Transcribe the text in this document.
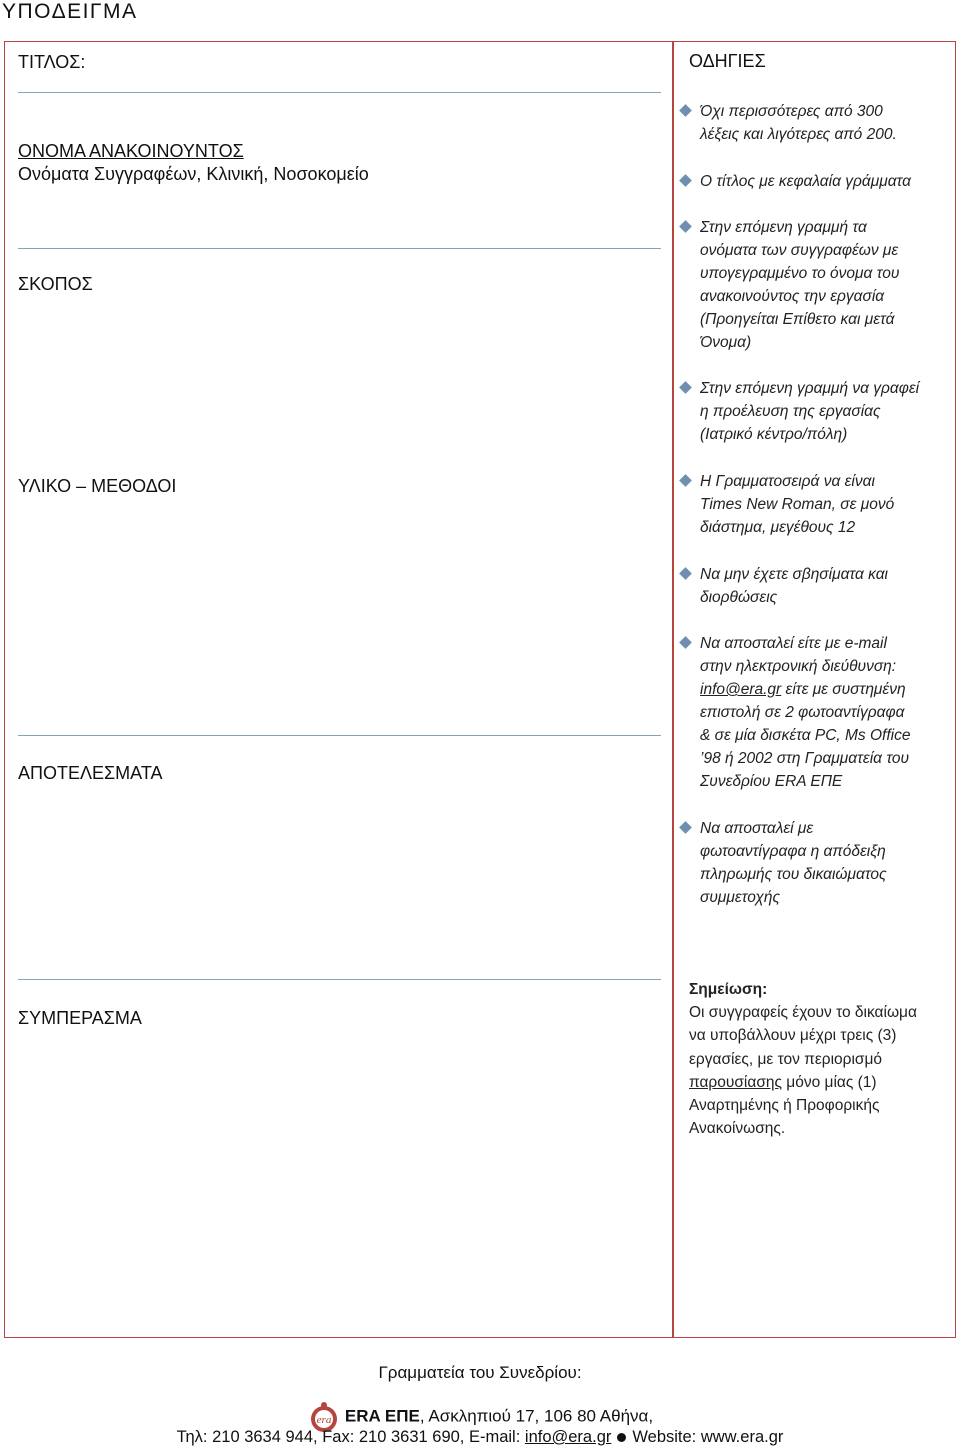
ΥΠΟΔΕΙΓΜΑ
ΤΙΤΛΟΣ:
ΟΝΟΜΑ ΑΝΑΚΟΙΝΟΥΝΤΟΣ
Ονόματα Συγγραφέων, Κλινική, Νοσοκομείο
ΣΚΟΠΟΣ
ΥΛΙΚΟ – ΜΕΘΟΔΟΙ
ΑΠΟΤΕΛΕΣΜΑΤΑ
ΣΥΜΠΕΡΑΣΜΑ
ΟΔΗΓΙΕΣ
Όχι περισσότερες από 300
λέξεις και λιγότερες από 200.
Ο τίτλος με κεφαλαία γράμματα
Στην επόμενη γραμμή τα
ονόματα των συγγραφέων με
υπογεγραμμένο το όνομα του
ανακοινούντος την εργασία
(Προηγείται Επίθετο και μετά
Όνομα)
Στην επόμενη γραμμή να γραφεί
η προέλευση της εργασίας
(Ιατρικό κέντρο/πόλη)
Η Γραμματοσειρά να είναι
Times New Roman, σε μονό
διάστημα, μεγέθους 12
Να μην έχετε σβησίματα και
διορθώσεις
Να αποσταλεί είτε με e-mail
στην ηλεκτρονική διεύθυνση:
info@era.gr είτε με συστημένη
επιστολή σε 2 φωτοαντίγραφα
& σε μία δισκέτα PC, Ms Office
’98 ή 2002 στη Γραμματεία του
Συνεδρίου ERA ΕΠΕ
Να αποσταλεί με
φωτοαντίγραφα η απόδειξη
πληρωμής του δικαιώματος
συμμετοχής
Σημείωση:
Οι συγγραφείς έχουν το δικαίωμα
να υποβάλλουν μέχρι τρεις (3)
εργασίες, με τον περιορισμό
παρουσίασης μόνο μίας (1)
Αναρτημένης ή Προφορικής
Ανακοίνωσης.
Γραμματεία του Συνεδρίου:
era ERA ΕΠΕ, Ασκληπιού 17, 106 80 Αθήνα,
Τηλ: 210 3634 944, Fax: 210 3631 690, E-mail: info@era.gr Website: www.era.gr
